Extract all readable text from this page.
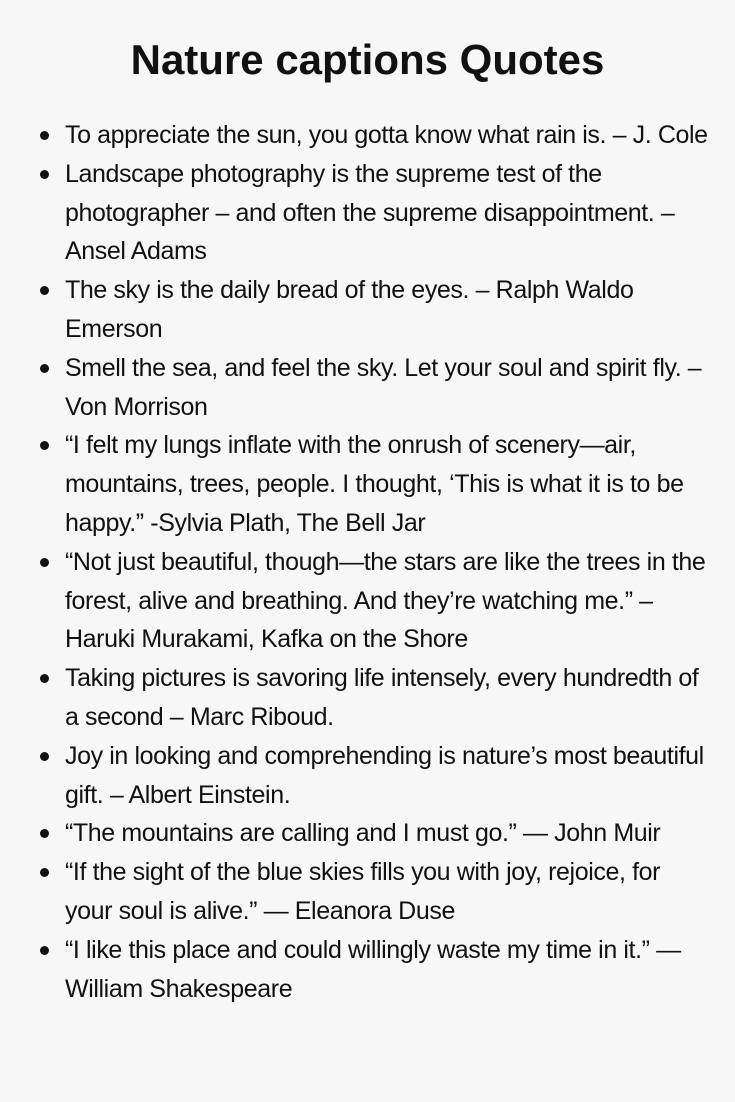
Nature captions Quotes
To appreciate the sun, you gotta know what rain is. – J. Cole
Landscape photography is the supreme test of the photographer – and often the supreme disappointment. – Ansel Adams
The sky is the daily bread of the eyes. – Ralph Waldo Emerson
Smell the sea, and feel the sky. Let your soul and spirit fly. – Von Morrison
“I felt my lungs inflate with the onrush of scenery—air, mountains, trees, people. I thought, ‘This is what it is to be happy.” -Sylvia Plath, The Bell Jar
“Not just beautiful, though—the stars are like the trees in the forest, alive and breathing. And they’re watching me.” – Haruki Murakami, Kafka on the Shore
Taking pictures is savoring life intensely, every hundredth of a second – Marc Riboud.
Joy in looking and comprehending is nature’s most beautiful gift. – Albert Einstein.
“The mountains are calling and I must go.” — John Muir
“If the sight of the blue skies fills you with joy, rejoice, for your soul is alive.” — Eleanora Duse
“I like this place and could willingly waste my time in it.” — William Shakespeare
